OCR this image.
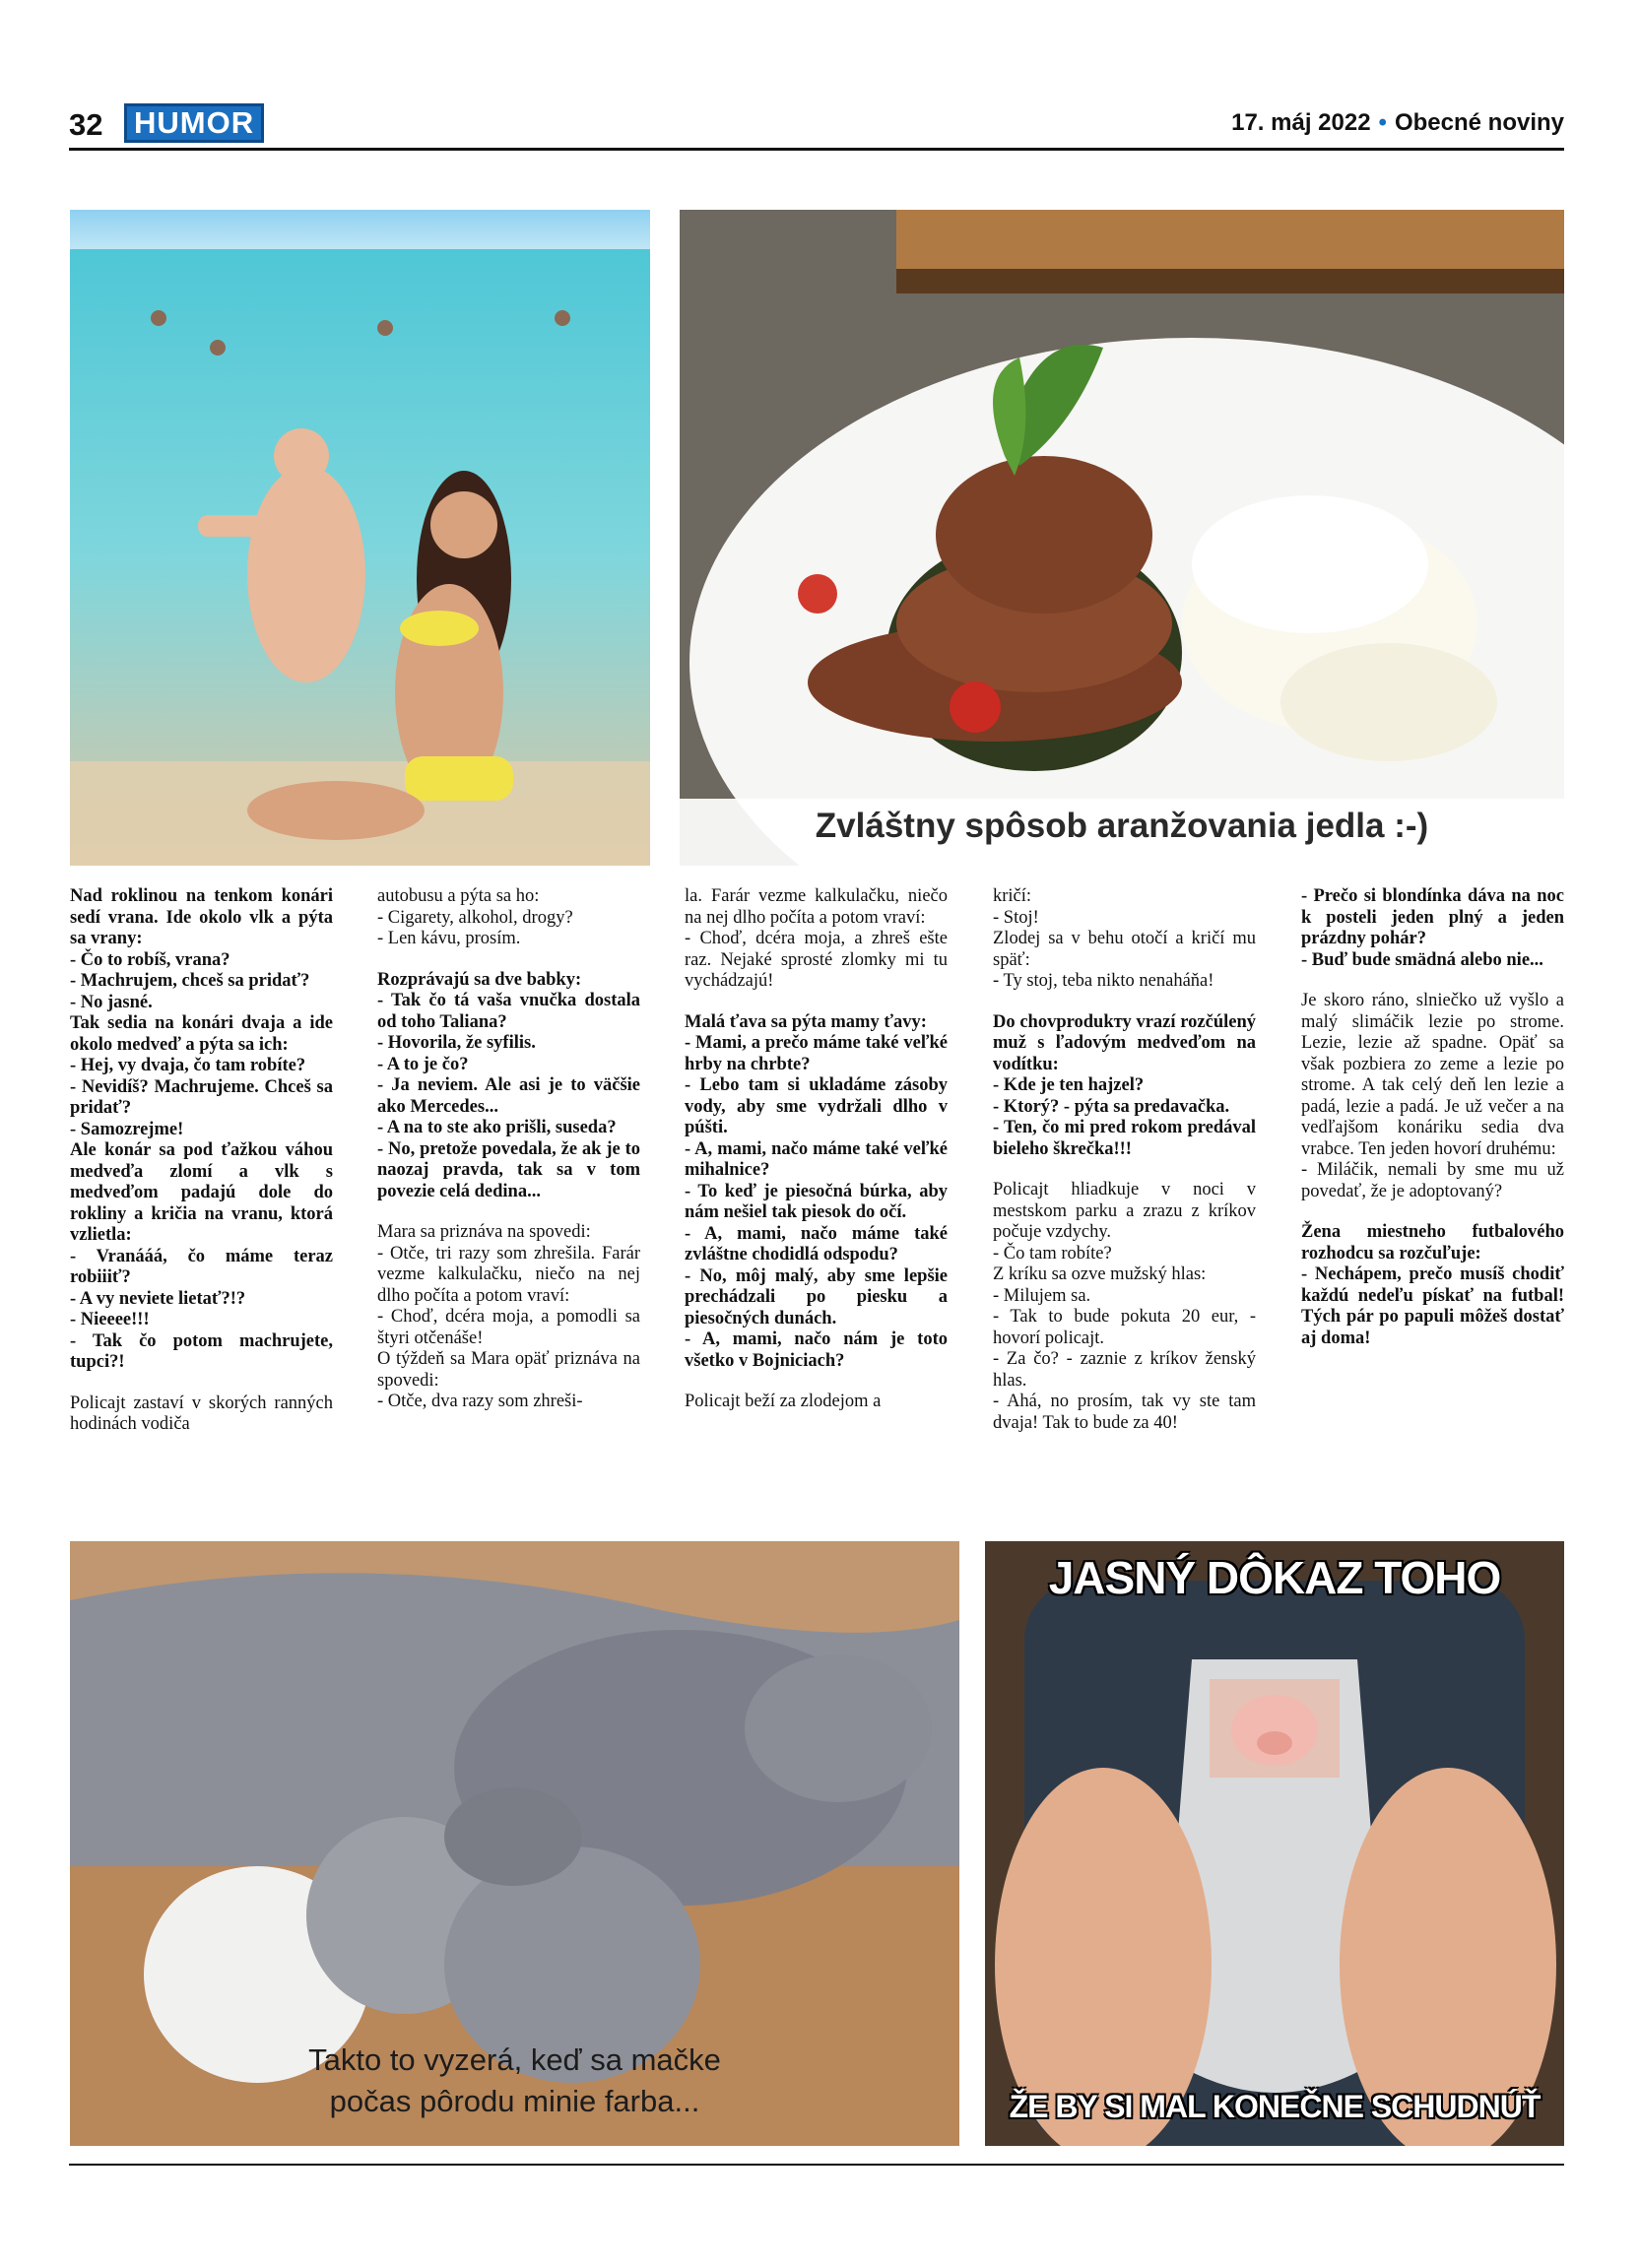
32	HUMOR	17. máj 2022 • Obecné noviny
Zvláštny spôsob aranžovania jedla :-)

Nad roklinou na tenkom konári sedí vrana. Ide okolo vlk a pýta sa vrany:

- Čo to robíš, vrana?

- Machrujem, chceš sa pridať?

- No jasné.

Tak sedia na konári dvaja a ide okolo medveď a pýta sa ich:

- Hej, vy dvaja, čo tam robíte?

- Nevidíš? Machrujeme. Chceš sa pridať?

- Samozrejme!

Ale konár sa pod ťažkou váhou medveďa zlomí a vlk s medveďom padajú dole do rokliny a kričia na vranu, ktorá vzlietla:

- Vranááá, čo máme teraz robiiiť?

- A vy neviete lietať?!?

- Nieeee!!!

- Tak čo potom machrujete, tupci?!

Policajt zastaví v skorých ranných hodinách vodiča

autobusu a pýta sa ho:

- Cigarety, alkohol, drogy?

- Len kávu, prosím.

Rozprávajú sa dve babky:

- Tak čo tá vaša vnučka dostala od toho Taliana?

- Hovorila, že syfilis.

- A to je čo?

- Ja neviem. Ale asi je to väčšie ako Mercedes...

- A na to ste ako prišli, suseda?

- No, pretože povedala, že ak je to naozaj pravda, tak sa v tom povezie celá dedina...

Mara sa priznáva na spovedi:

- Otče, tri razy som zhrešila. Farár vezme kalkulačku, niečo na nej dlho počíta a potom vraví:

- Choď, dcéra moja, a pomodli sa štyri otčenáše!

O týždeň sa Mara opäť priznáva na spovedi:

- Otče, dva razy som zhreši-

la. Farár vezme kalkulačku, niečo na nej dlho počíta a potom vraví:

- Choď, dcéra moja, a zhreš ešte raz. Nejaké sprosté zlomky mi tu vychádzajú!

Malá ťava sa pýta mamy ťavy:

- Mami, a prečo máme také veľké hrby na chrbte?

- Lebo tam si ukladáme zásoby vody, aby sme vydržali dlho v púšti.

- A, mami, načo máme také veľké mihalnice?

- To keď je piesočná búrka, aby nám nešiel tak piesok do očí.

- A, mami, načo máme také zvláštne chodidlá odspodu?

- No, môj malý, aby sme lepšie prechádzali po piesku a piesočných dunách.

- A, mami, načo nám je toto všetko v Bojniciach?

Policajt beží za zlodejom a

kričí:

- Stoj!

Zlodej sa v behu otočí a kričí mu späť:

- Ty stoj, teba nikto nenaháňa!

Do chovprodukту vrazí rozčúlený muž s ľadovým medveďom na vodítku:

- Kde je ten hajzel?

- Ktorý? - pýta sa predavačka.

- Ten, čo mi pred rokom predával bieleho škrečka!!!

Policajt hliadkuje v noci v mestskom parku a zrazu z kríkov počuje vzdychy.

- Čo tam robíte?

Z kríku sa ozve mužský hlas:

- Milujem sa.

- Tak to bude pokuta 20 eur, - hovorí policajt.

- Za čo? - zaznie z kríkov ženský hlas.

- Ahá, no prosím, tak vy ste tam dvaja! Tak to bude za 40!

- Prečo si blondínka dáva na noc k posteli jeden plný a jeden prázdny pohár?

- Buď bude smädná alebo nie...

Je skoro ráno, slniečko už vyšlo a malý slimáčik lezie po strome. Lezie, lezie až spadne. Opäť sa však pozbiera zo zeme a lezie po strome. A tak celý deň len lezie a padá, lezie a padá. Je už večer a na vedľajšom konáriku sedia dva vrabce. Ten jeden hovorí druhému:

- Miláčik, nemali by sme mu už povedať, že je adoptovaný?

Žena miestneho futbalového rozhodcu sa rozčuľuje:

- Nechápem, prečo musíš chodiť každú nedeľu pískať na futbal! Tých pár po papuli môžeš dostať aj doma!

Takto to vyzerá, keď sa mačke
počas pôrodu minie farba...
JASNÝ DÔKAZ TOHO
ŽE BY SI MAL KONEČNE SCHUDNÚŤ
